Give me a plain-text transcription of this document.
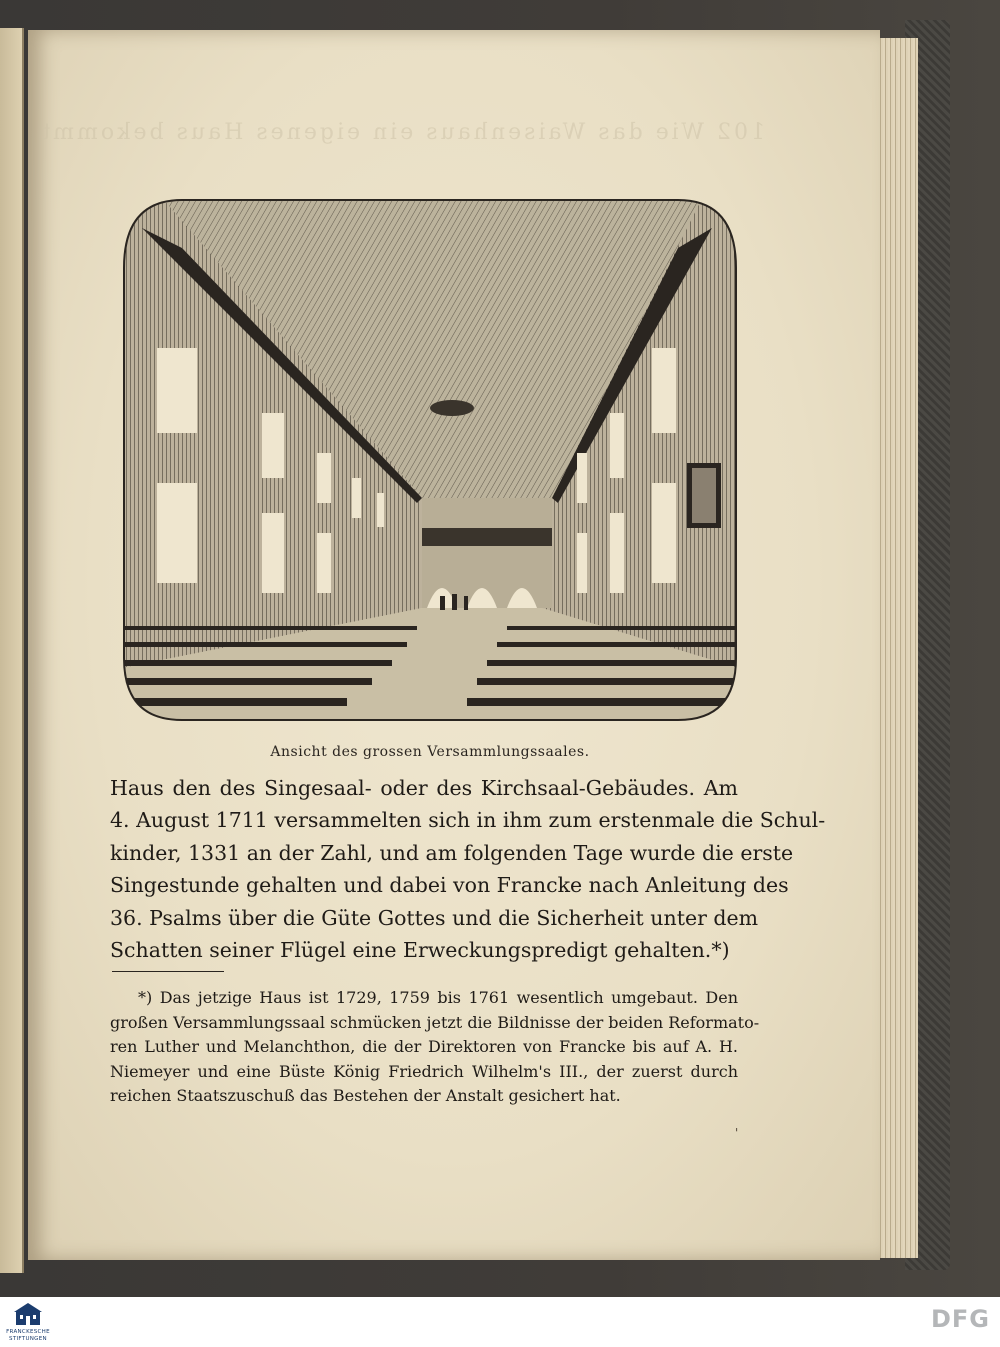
102 Wie das Waisenhaus ein eigenes Haus bekommt
Ansicht des grossen Versammlungssaales.
Haus den des Singesaal- oder des Kirchsaal-Gebäudes. Am
4. August 1711 versammelten sich in ihm zum erstenmale die Schul-
kinder, 1331 an der Zahl, und am folgenden Tage wurde die erste
Singestunde gehalten und dabei von Francke nach Anleitung des
36. Psalms über die Güte Gottes und die Sicherheit unter dem
Schatten seiner Flügel eine Erweckungspredigt gehalten.*)
*) Das jetzige Haus ist 1729, 1759 bis 1761 wesentlich umgebaut. Den
großen Versammlungssaal schmücken jetzt die Bildnisse der beiden Reformato-
ren Luther und Melanchthon, die der Direktoren von Francke bis auf A. H.
Niemeyer und eine Büste König Friedrich Wilhelm's III., der zuerst durch
reichen Staatszuschuß das Bestehen der Anstalt gesichert hat.
'
FRANCKESCHE
STIFTUNGEN
DFG
